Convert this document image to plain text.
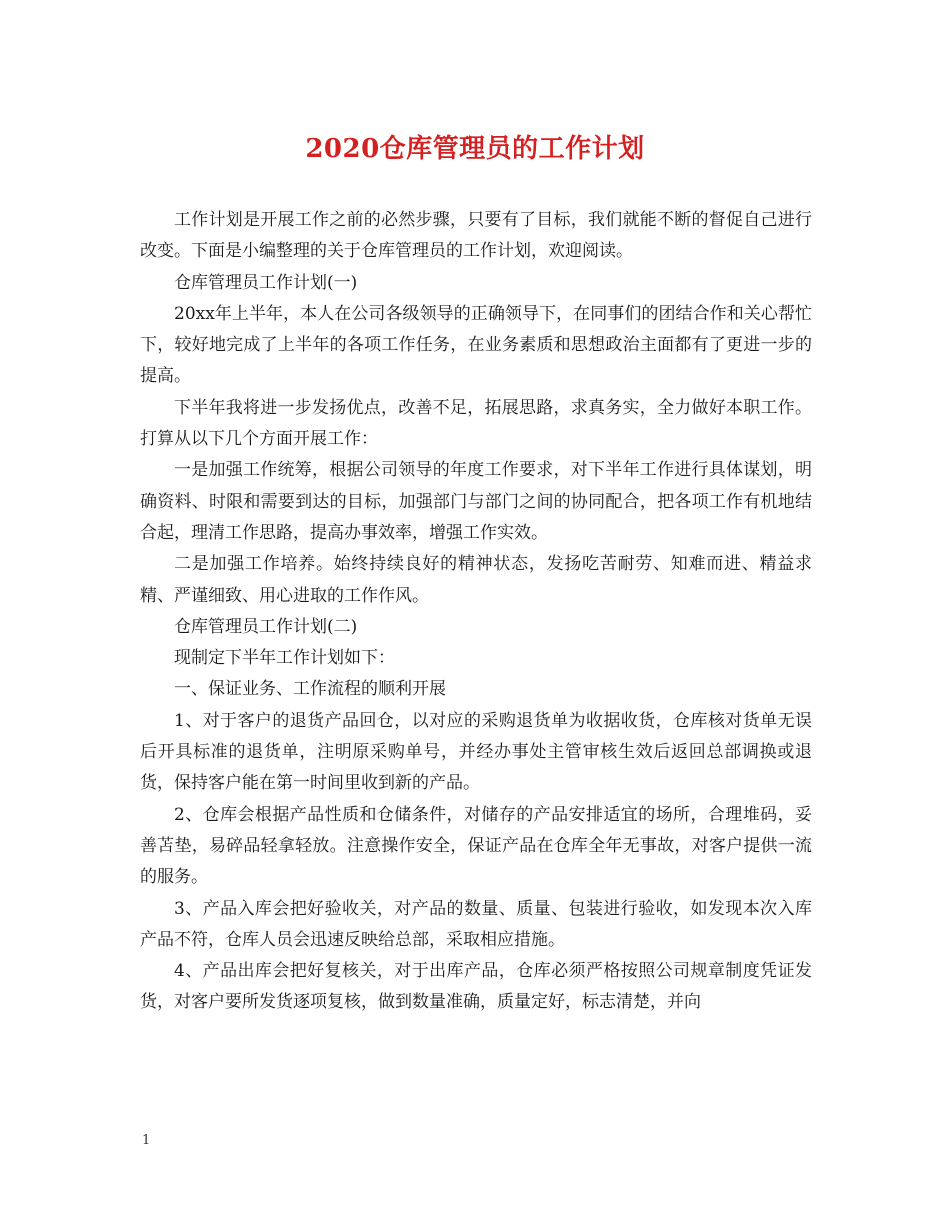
2020仓库管理员的工作计划

工作计划是开展工作之前的必然步骤，只要有了目标，我们就能不断的督促自己进行改变。下面是小编整理的关于仓库管理员的工作计划，欢迎阅读。

仓库管理员工作计划(一)

20xx年上半年，本人在公司各级领导的正确领导下，在同事们的团结合作和关心帮忙下，较好地完成了上半年的各项工作任务，在业务素质和思想政治主面都有了更进一步的提高。

下半年我将进一步发扬优点，改善不足，拓展思路，求真务实，全力做好本职工作。打算从以下几个方面开展工作：

一是加强工作统筹，根据公司领导的年度工作要求，对下半年工作进行具体谋划，明确资料、时限和需要到达的目标，加强部门与部门之间的协同配合，把各项工作有机地结合起，理清工作思路，提高办事效率，增强工作实效。

二是加强工作培养。始终持续良好的精神状态，发扬吃苦耐劳、知难而进、精益求精、严谨细致、用心进取的工作作风。

仓库管理员工作计划(二)

现制定下半年工作计划如下：

一、保证业务、工作流程的顺利开展

1、对于客户的退货产品回仓，以对应的采购退货单为收据收货，仓库核对货单无误后开具标准的退货单，注明原采购单号，并经办事处主管审核生效后返回总部调换或退货，保持客户能在第一时间里收到新的产品。

2、仓库会根据产品性质和仓储条件，对储存的产品安排适宜的场所，合理堆码，妥善苫垫，易碎品轻拿轻放。注意操作安全，保证产品在仓库全年无事故，对客户提供一流的服务。

3、产品入库会把好验收关，对产品的数量、质量、包装进行验收，如发现本次入库产品不符，仓库人员会迅速反映给总部，采取相应措施。

4、产品出库会把好复核关，对于出库产品，仓库必须严格按照公司规章制度凭证发货，对客户要所发货逐项复核，做到数量准确，质量定好，标志清楚，并向

1
